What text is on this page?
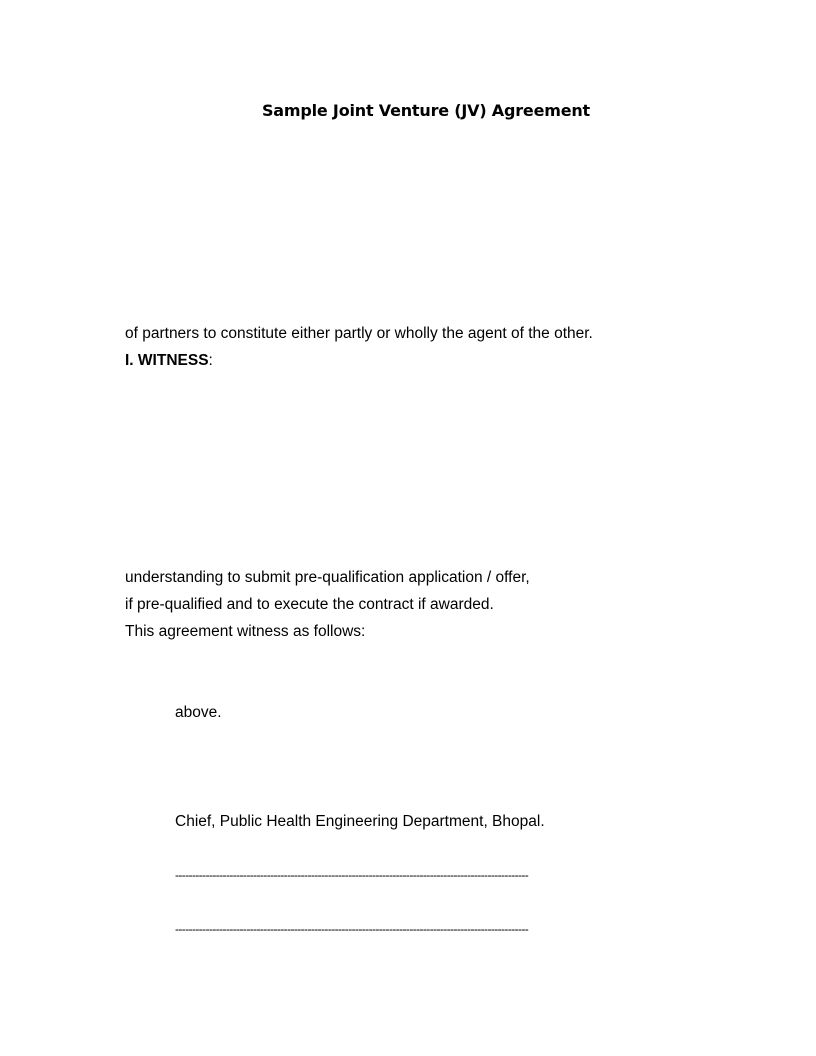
Sample Joint Venture (JV) Agreement
of partners to constitute either partly or wholly the agent of the other.
I. WITNESS:
understanding to submit pre-qualification application / offer,
if pre-qualified and to execute the contract if awarded.
This agreement witness as follows:
above.
Chief, Public Health Engineering Department, Bhopal.
--------------------------------------------------------------------------------------------------------
--------------------------------------------------------------------------------------------------------
